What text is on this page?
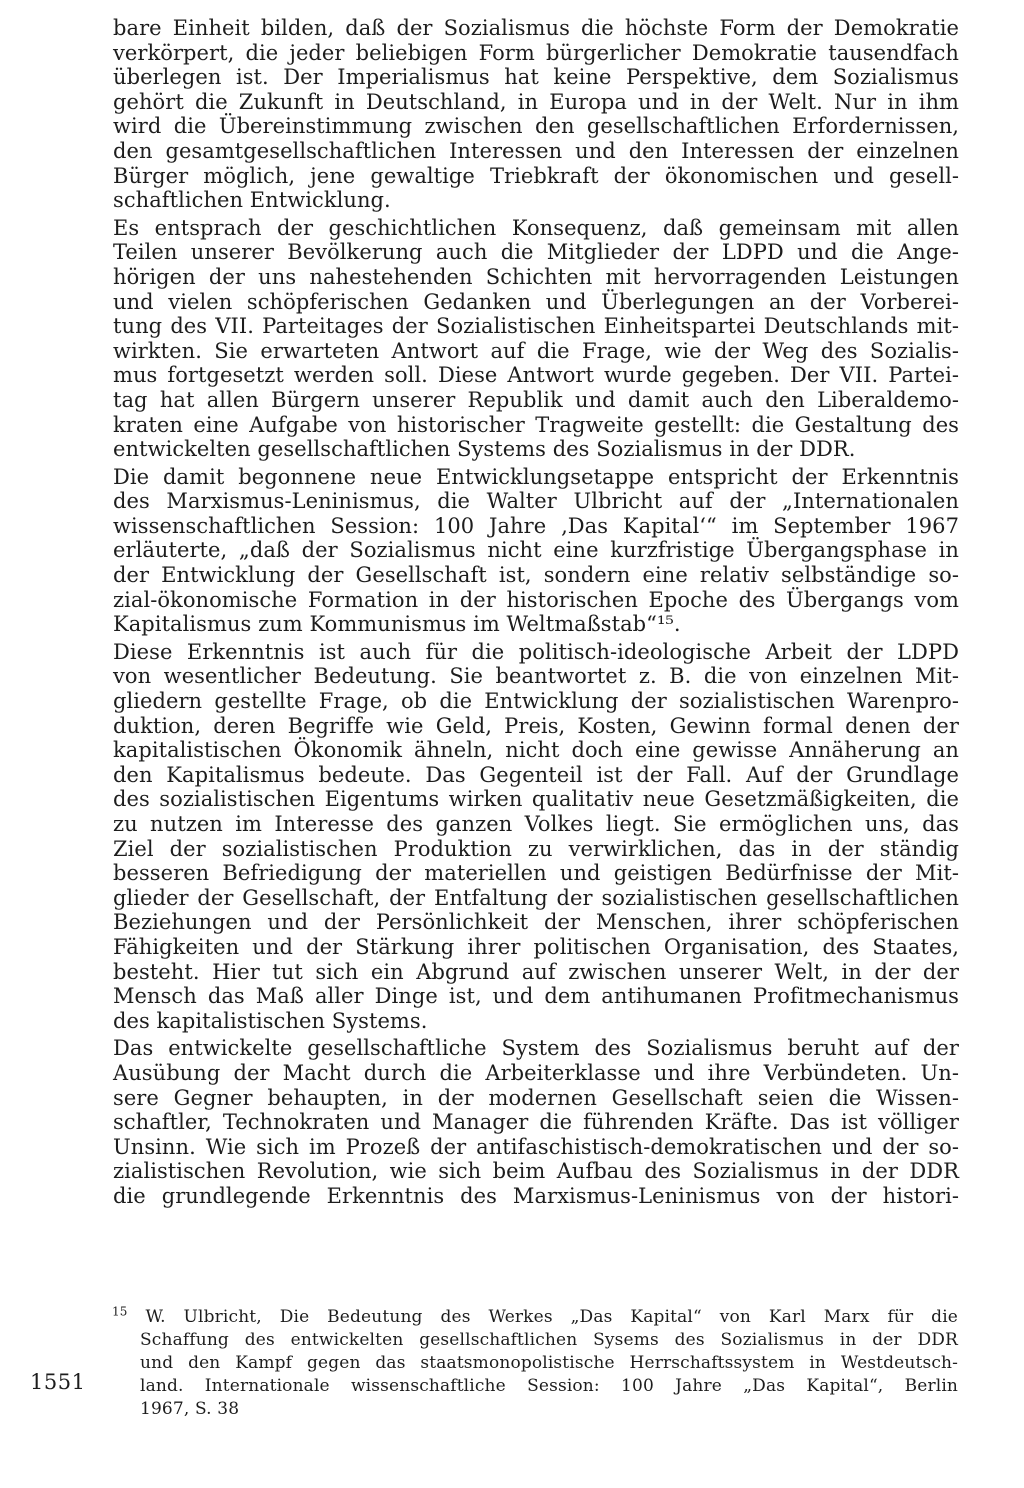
bare Einheit bilden, daß der Sozialismus die höchste Form der Demokratie
verkörpert, die jeder beliebigen Form bürgerlicher Demokratie tausendfach
überlegen ist. Der Imperialismus hat keine Perspektive, dem Sozialismus
gehört die Zukunft in Deutschland, in Europa und in der Welt. Nur in ihm
wird die Übereinstimmung zwischen den gesellschaftlichen Erfordernissen,
den gesamtgesellschaftlichen Interessen und den Interessen der einzelnen
Bürger möglich, jene gewaltige Triebkraft der ökonomischen und gesell-
schaftlichen Entwicklung.
Es entsprach der geschichtlichen Konsequenz, daß gemeinsam mit allen
Teilen unserer Bevölkerung auch die Mitglieder der LDPD und die Ange-
hörigen der uns nahestehenden Schichten mit hervorragenden Leistungen
und vielen schöpferischen Gedanken und Überlegungen an der Vorberei-
tung des VII. Parteitages der Sozialistischen Einheitspartei Deutschlands mit-
wirkten. Sie erwarteten Antwort auf die Frage, wie der Weg des Sozialis-
mus fortgesetzt werden soll. Diese Antwort wurde gegeben. Der VII. Partei-
tag hat allen Bürgern unserer Republik und damit auch den Liberaldemo-
kraten eine Aufgabe von historischer Tragweite gestellt: die Gestaltung des
entwickelten gesellschaftlichen Systems des Sozialismus in der DDR.
Die damit begonnene neue Entwicklungsetappe entspricht der Erkenntnis
des Marxismus-Leninismus, die Walter Ulbricht auf der „Internationalen
wissenschaftlichen Session: 100 Jahre ‚Das Kapital‘“ im September 1967
erläuterte, „daß der Sozialismus nicht eine kurzfristige Übergangsphase in
der Entwicklung der Gesellschaft ist, sondern eine relativ selbständige so-
zial-ökonomische Formation in der historischen Epoche des Übergangs vom
Kapitalismus zum Kommunismus im Weltmaßstab“¹⁵.
Diese Erkenntnis ist auch für die politisch-ideologische Arbeit der LDPD
von wesentlicher Bedeutung. Sie beantwortet z. B. die von einzelnen Mit-
gliedern gestellte Frage, ob die Entwicklung der sozialistischen Warenpro-
duktion, deren Begriffe wie Geld, Preis, Kosten, Gewinn formal denen der
kapitalistischen Ökonomik ähneln, nicht doch eine gewisse Annäherung an
den Kapitalismus bedeute. Das Gegenteil ist der Fall. Auf der Grundlage
des sozialistischen Eigentums wirken qualitativ neue Gesetzmäßigkeiten, die
zu nutzen im Interesse des ganzen Volkes liegt. Sie ermöglichen uns, das
Ziel der sozialistischen Produktion zu verwirklichen, das in der ständig
besseren Befriedigung der materiellen und geistigen Bedürfnisse der Mit-
glieder der Gesellschaft, der Entfaltung der sozialistischen gesellschaftlichen
Beziehungen und der Persönlichkeit der Menschen, ihrer schöpferischen
Fähigkeiten und der Stärkung ihrer politischen Organisation, des Staates,
besteht. Hier tut sich ein Abgrund auf zwischen unserer Welt, in der der
Mensch das Maß aller Dinge ist, und dem antihumanen Profitmechanismus
des kapitalistischen Systems.
Das entwickelte gesellschaftliche System des Sozialismus beruht auf der
Ausübung der Macht durch die Arbeiterklasse und ihre Verbündeten. Un-
sere Gegner behaupten, in der modernen Gesellschaft seien die Wissen-
schaftler, Technokraten und Manager die führenden Kräfte. Das ist völliger
Unsinn. Wie sich im Prozeß der antifaschistisch-demokratischen und der so-
zialistischen Revolution, wie sich beim Aufbau des Sozialismus in der DDR
die grundlegende Erkenntnis des Marxismus-Leninismus von der histori-
$^{15}$ W. Ulbricht, Die Bedeutung des Werkes „Das Kapital“ von Karl Marx für die
Schaffung des entwickelten gesellschaftlichen Sysems des Sozialismus in der DDR
und den Kampf gegen das staatsmonopolistische Herrschaftssystem in Westdeutsch-
land. Internationale wissenschaftliche Session: 100 Jahre „Das Kapital“, Berlin
1967, S. 38
1551
